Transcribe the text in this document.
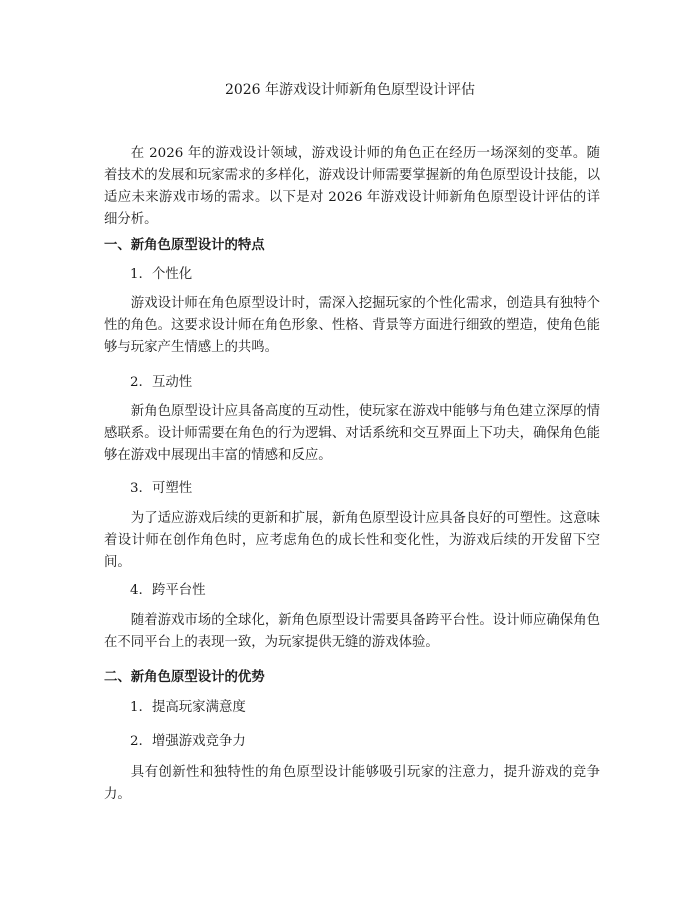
2026 年游戏设计师新角色原型设计评估

在 2026 年的游戏设计领域，游戏设计师的角色正在经历一场深刻的变革。随着技术的发展和玩家需求的多样化，游戏设计师需要掌握新的角色原型设计技能，以适应未来游戏市场的需求。以下是对 2026 年游戏设计师新角色原型设计评估的详细分析。

一、新角色原型设计的特点

1. 个性化

游戏设计师在角色原型设计时，需深入挖掘玩家的个性化需求，创造具有独特个性的角色。这要求设计师在角色形象、性格、背景等方面进行细致的塑造，使角色能够与玩家产生情感上的共鸣。

2. 互动性

新角色原型设计应具备高度的互动性，使玩家在游戏中能够与角色建立深厚的情感联系。设计师需要在角色的行为逻辑、对话系统和交互界面上下功夫，确保角色能够在游戏中展现出丰富的情感和反应。

3. 可塑性

为了适应游戏后续的更新和扩展，新角色原型设计应具备良好的可塑性。这意味着设计师在创作角色时，应考虑角色的成长性和变化性，为游戏后续的开发留下空间。

4. 跨平台性

随着游戏市场的全球化，新角色原型设计需要具备跨平台性。设计师应确保角色在不同平台上的表现一致，为玩家提供无缝的游戏体验。

二、新角色原型设计的优势

1. 提高玩家满意度

2. 增强游戏竞争力

具有创新性和独特性的角色原型设计能够吸引玩家的注意力，提升游戏的竞争力。
